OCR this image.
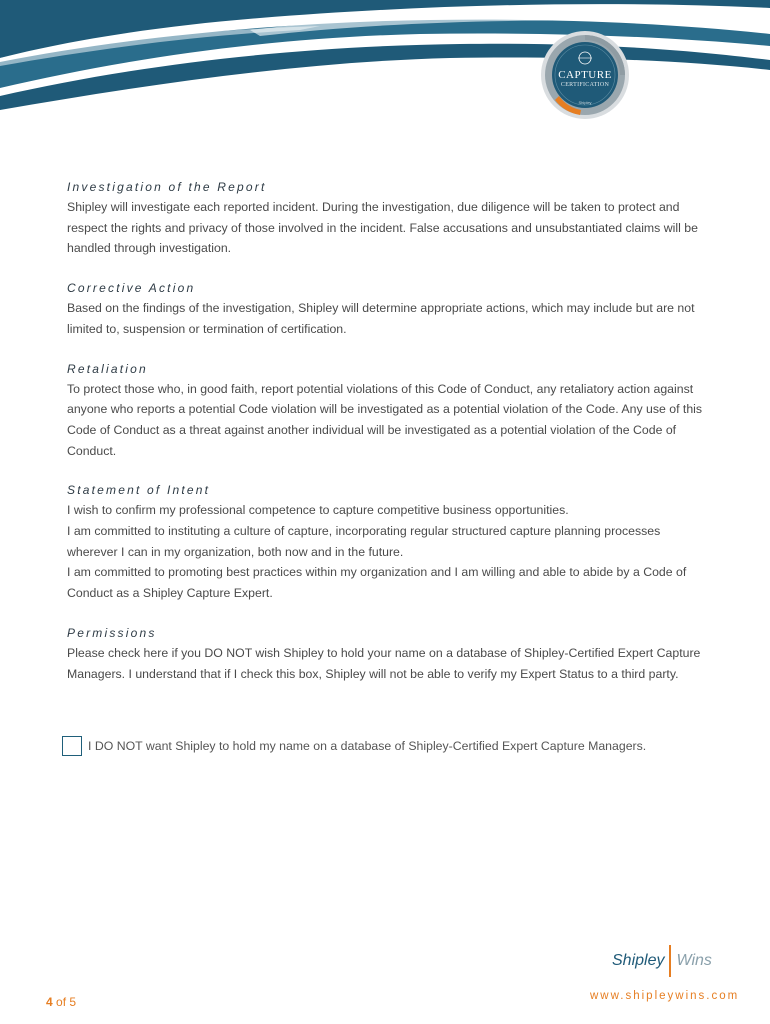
CAPTURE
CERTIFICATION
Shipley

Investigation of the Report

Shipley will investigate each reported incident. During the investigation, due diligence will be taken to protect and respect the rights and privacy of those involved in the incident. False accusations and unsubstantiated claims will be handled through investigation.

Corrective Action

Based on the findings of the investigation, Shipley will determine appropriate actions, which may include but are not limited to, suspension or termination of certification.

Retaliation

To protect those who, in good faith, report potential violations of this Code of Conduct, any retaliatory action against anyone who reports a potential Code violation will be investigated as a potential violation of the Code. Any use of this Code of Conduct as a threat against another individual will be investigated as a potential violation of the Code of Conduct.

Statement of Intent

I wish to confirm my professional competence to capture competitive business opportunities.

I am committed to instituting a culture of capture, incorporating regular structured capture planning processes wherever I can in my organization, both now and in the future.

I am committed to promoting best practices within my organization and I am willing and able to abide by a Code of Conduct as a Shipley Capture Expert.

Permissions

Please check here if you DO NOT wish Shipley to hold your name on a database of Shipley-Certified Expert Capture Managers. I understand that if I check this box, Shipley will not be able to verify my Expert Status to a third party.

I DO NOT want Shipley to hold my name on a database of Shipley-Certified Expert Capture Managers.
Shipley Wins
www.shipleywins.com
4 of 5
